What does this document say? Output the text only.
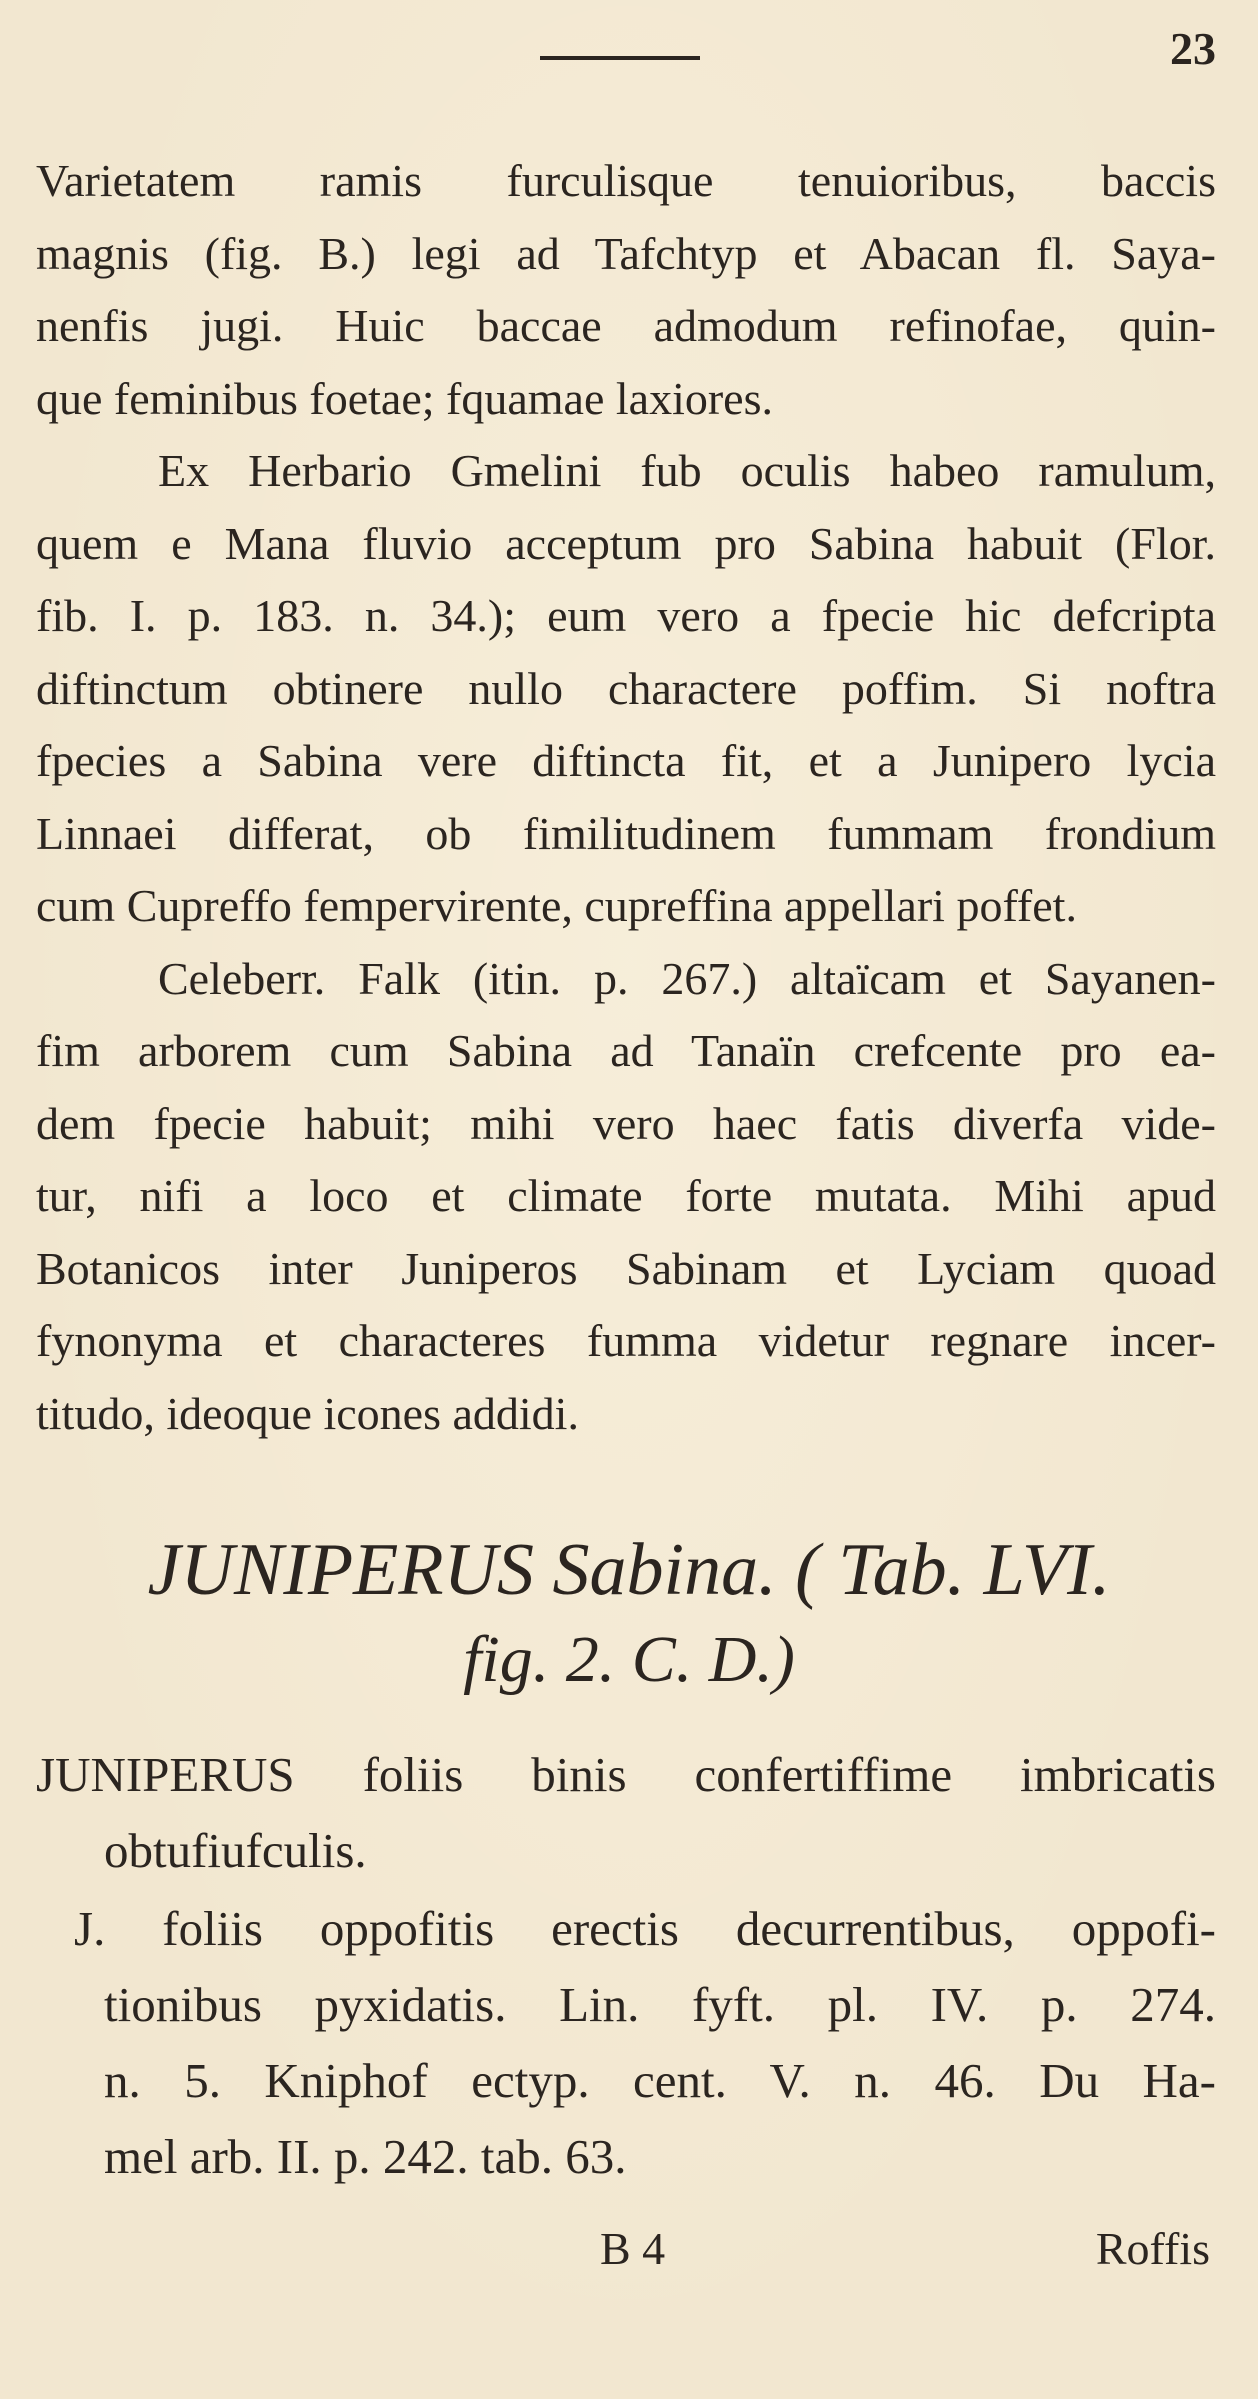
23
Varietatem ramis furculisque tenuioribus, baccis
magnis (fig. B.) legi ad Tafchtyp et Abacan fl. Saya-
nenfis jugi. Huic baccae admodum refinofae, quin-
que feminibus foetae; fquamae laxiores.
Ex Herbario Gmelini fub oculis habeo ramulum,
quem e Mana fluvio acceptum pro Sabina habuit (Flor.
fib. I. p. 183. n. 34.); eum vero a fpecie hic defcripta
diftinctum obtinere nullo charactere poffim. Si noftra
fpecies a Sabina vere diftincta fit, et a Junipero lycia
Linnaei differat, ob fimilitudinem fummam frondium
cum Cupreffo fempervirente, cupreffina appellari poffet.
Celeberr. Falk (itin. p. 267.) altaïcam et Sayanen-
fim arborem cum Sabina ad Tanaïn crefcente pro ea-
dem fpecie habuit; mihi vero haec fatis diverfa vide-
tur, nifi a loco et climate forte mutata. Mihi apud
Botanicos inter Juniperos Sabinam et Lyciam quoad
fynonyma et characteres fumma videtur regnare incer-
titudo, ideoque icones addidi.
JUNIPERUS Sabina. ( Tab. LVI.
fig. 2. C. D.)
JUNIPERUS foliis binis confertiffime imbricatis
obtufiufculis.
J. foliis oppofitis erectis decurrentibus, oppofi-
tionibus pyxidatis. Lin. fyft. pl. IV. p. 274.
n. 5. Kniphof ectyp. cent. V. n. 46. Du Ha-
mel arb. II. p. 242. tab. 63.
B 4	Roffis
